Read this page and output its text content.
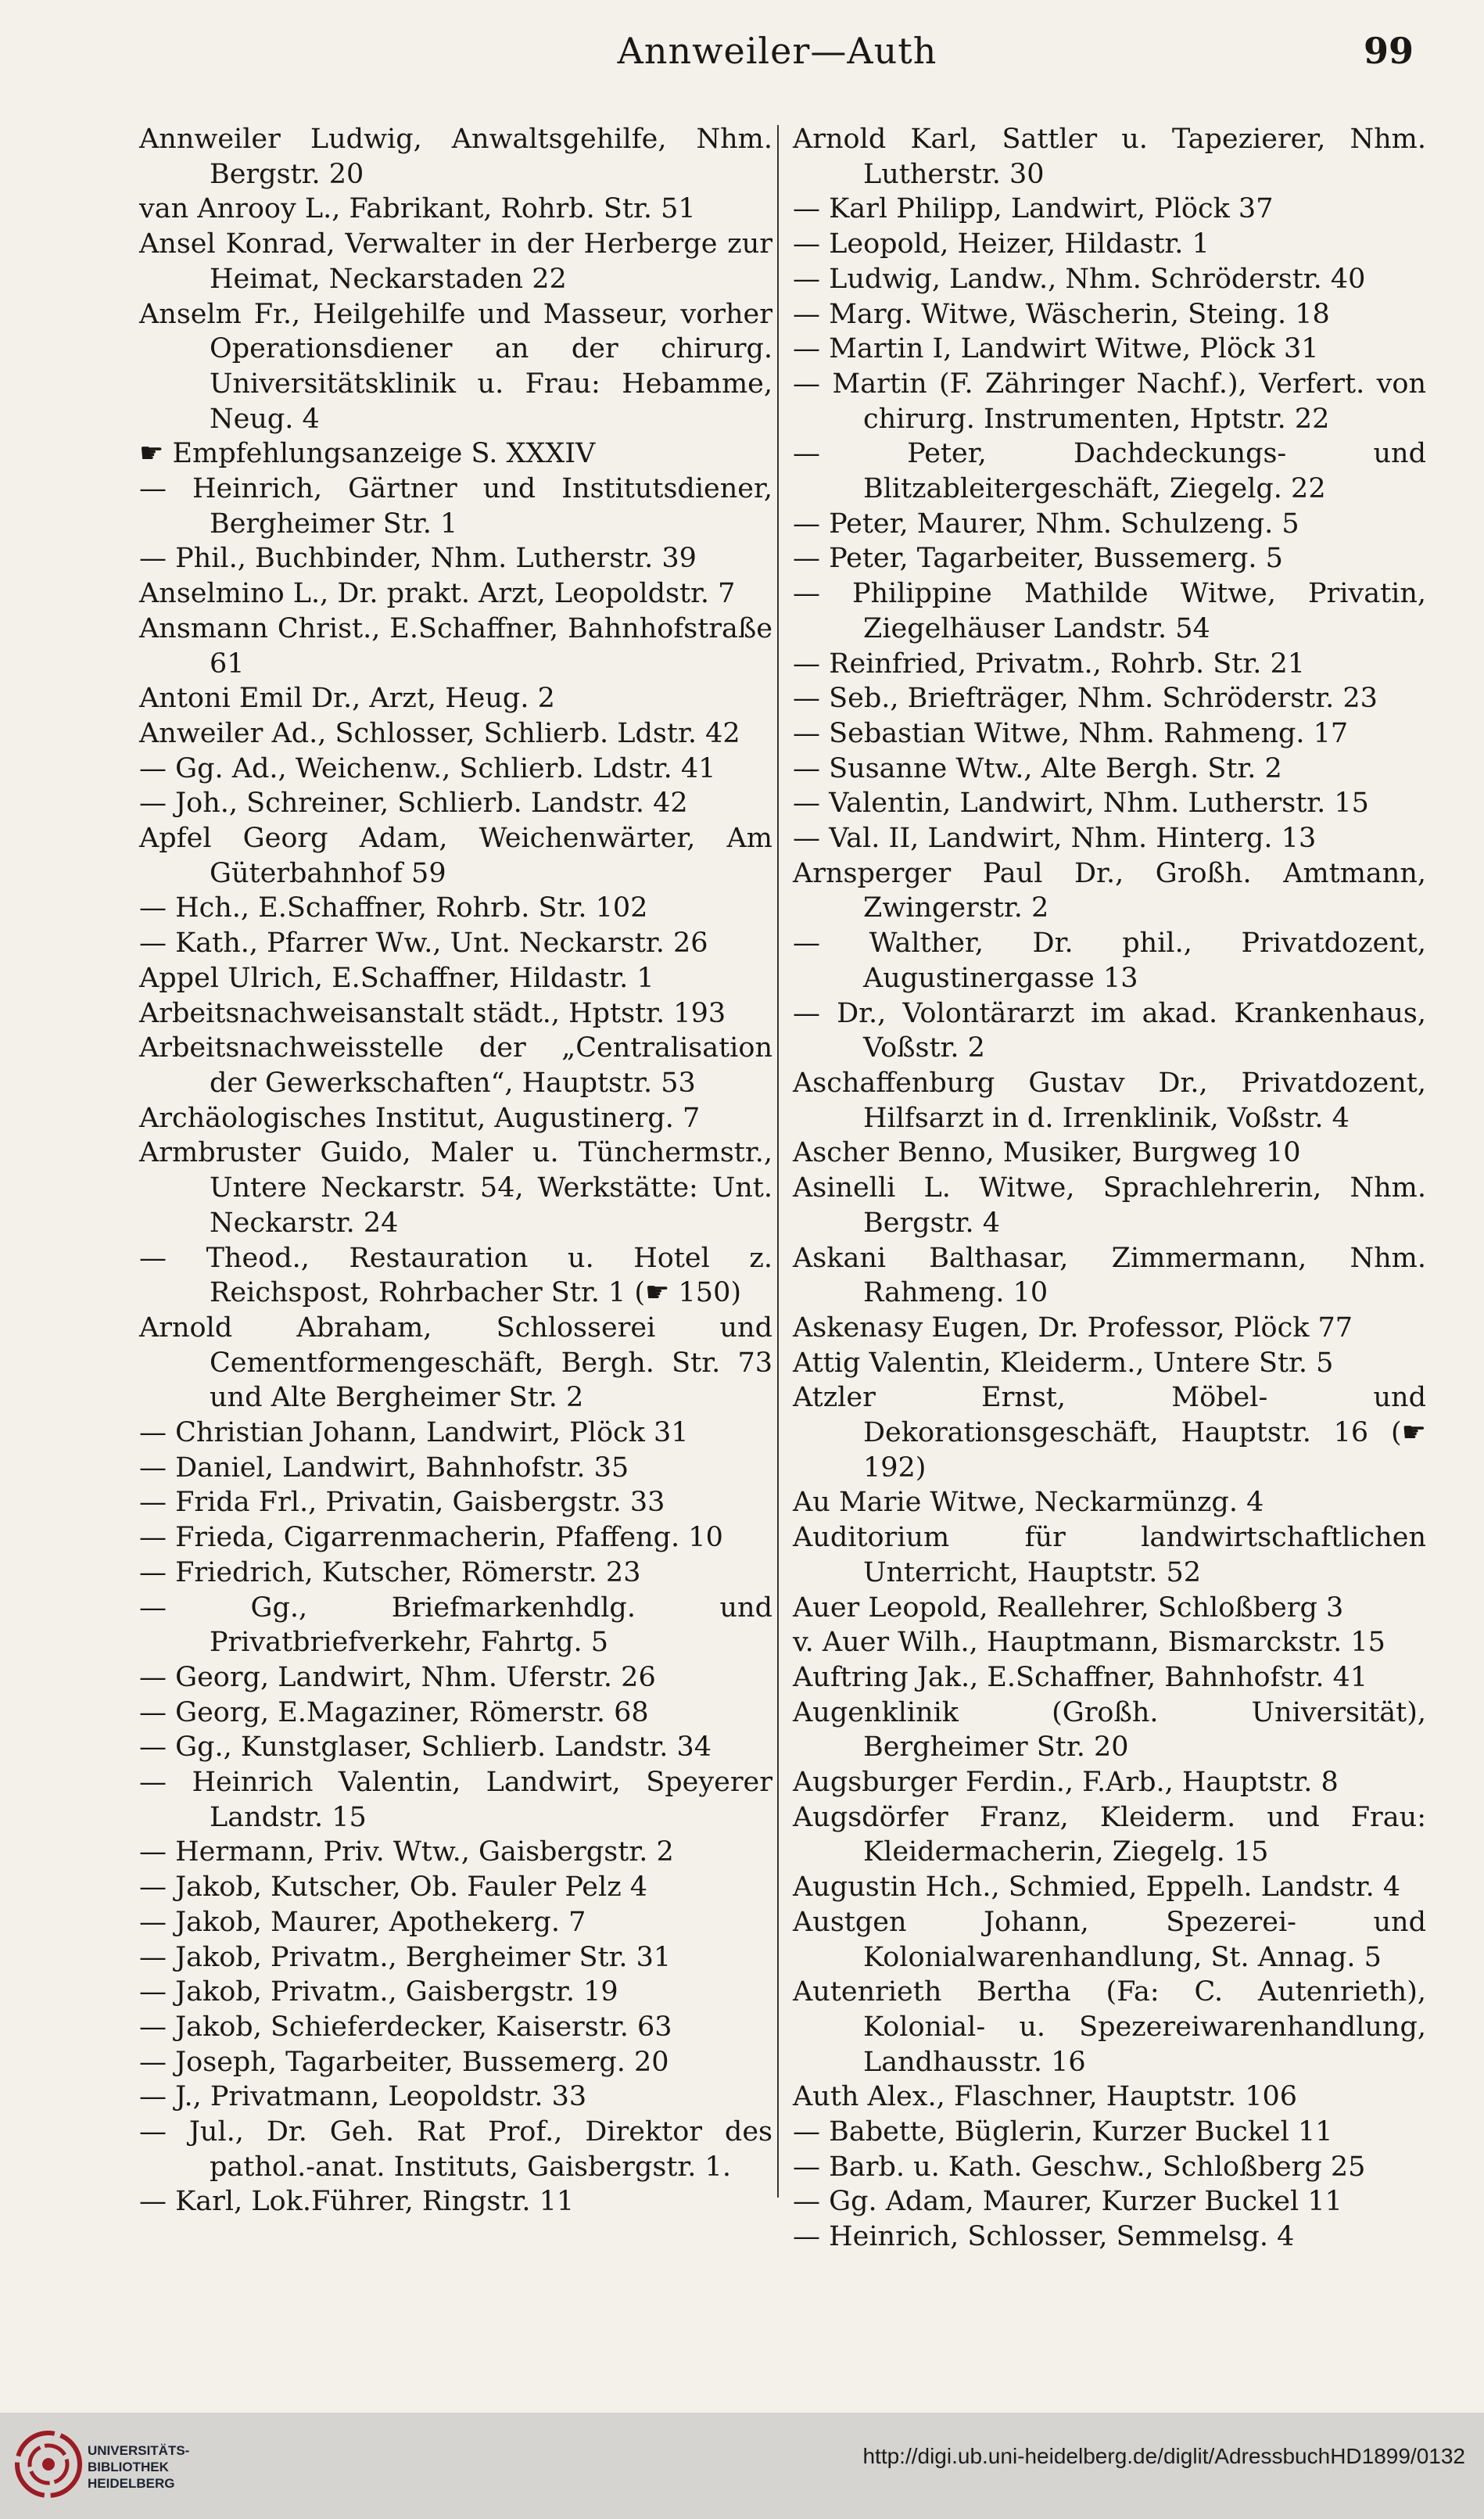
Annweiler—Auth	99
Annweiler Ludwig, Anwaltsgehilfe, Nhm. Bergstr. 20
van Anrooy L., Fabrikant, Rohrb. Str. 51
Ansel Konrad, Verwalter in der Herberge zur Heimat, Neckarstaden 22
Anselm Fr., Heilgehilfe und Masseur, vorher Operationsdiener an der chirurg. Universitätsklinik u. Frau: Hebamme, Neug. 4
☛ Empfehlungsanzeige S. XXXIV
— Heinrich, Gärtner und Institutsdiener, Bergheimer Str. 1
— Phil., Buchbinder, Nhm. Lutherstr. 39
Anselmino L., Dr. prakt. Arzt, Leopoldstr. 7
Ansmann Christ., E.Schaffner, Bahnhofstraße 61
Antoni Emil Dr., Arzt, Heug. 2
Anweiler Ad., Schlosser, Schlierb. Ldstr. 42
— Gg. Ad., Weichenw., Schlierb. Ldstr. 41
— Joh., Schreiner, Schlierb. Landstr. 42
Apfel Georg Adam, Weichenwärter, Am Güterbahnhof 59
— Hch., E.Schaffner, Rohrb. Str. 102
— Kath., Pfarrer Ww., Unt. Neckarstr. 26
Appel Ulrich, E.Schaffner, Hildastr. 1
Arbeitsnachweisanstalt städt., Hptstr. 193
Arbeitsnachweisstelle der „Centralisation der Gewerkschaften“, Hauptstr. 53
Archäologisches Institut, Augustinerg. 7
Armbruster Guido, Maler u. Tünchermstr., Untere Neckarstr. 54, Werkstätte: Unt. Neckarstr. 24
— Theod., Restauration u. Hotel z. Reichspost, Rohrbacher Str. 1 (☛ 150)
Arnold Abraham, Schlosserei und Cementformengeschäft, Bergh. Str. 73 und Alte Bergheimer Str. 2
— Christian Johann, Landwirt, Plöck 31
— Daniel, Landwirt, Bahnhofstr. 35
— Frida Frl., Privatin, Gaisbergstr. 33
— Frieda, Cigarrenmacherin, Pfaffeng. 10
— Friedrich, Kutscher, Römerstr. 23
— Gg., Briefmarkenhdlg. und Privatbriefverkehr, Fahrtg. 5
— Georg, Landwirt, Nhm. Uferstr. 26
— Georg, E.Magaziner, Römerstr. 68
— Gg., Kunstglaser, Schlierb. Landstr. 34
— Heinrich Valentin, Landwirt, Speyerer Landstr. 15
— Hermann, Priv. Wtw., Gaisbergstr. 2
— Jakob, Kutscher, Ob. Fauler Pelz 4
— Jakob, Maurer, Apothekerg. 7
— Jakob, Privatm., Bergheimer Str. 31
— Jakob, Privatm., Gaisbergstr. 19
— Jakob, Schieferdecker, Kaiserstr. 63
— Joseph, Tagarbeiter, Bussemerg. 20
— J., Privatmann, Leopoldstr. 33
— Jul., Dr. Geh. Rat Prof., Direktor des pathol.-anat. Instituts, Gaisbergstr. 1.
— Karl, Lok.Führer, Ringstr. 11
Arnold Karl, Sattler u. Tapezierer, Nhm. Lutherstr. 30
— Karl Philipp, Landwirt, Plöck 37
— Leopold, Heizer, Hildastr. 1
— Ludwig, Landw., Nhm. Schröderstr. 40
— Marg. Witwe, Wäscherin, Steing. 18
— Martin I, Landwirt Witwe, Plöck 31
— Martin (F. Zähringer Nachf.), Verfert. von chirurg. Instrumenten, Hptstr. 22
— Peter, Dachdeckungs- und Blitzableitergeschäft, Ziegelg. 22
— Peter, Maurer, Nhm. Schulzeng. 5
— Peter, Tagarbeiter, Bussemerg. 5
— Philippine Mathilde Witwe, Privatin, Ziegelhäuser Landstr. 54
— Reinfried, Privatm., Rohrb. Str. 21
— Seb., Briefträger, Nhm. Schröderstr. 23
— Sebastian Witwe, Nhm. Rahmeng. 17
— Susanne Wtw., Alte Bergh. Str. 2
— Valentin, Landwirt, Nhm. Lutherstr. 15
— Val. II, Landwirt, Nhm. Hinterg. 13
Arnsperger Paul Dr., Großh. Amtmann, Zwingerstr. 2
— Walther, Dr. phil., Privatdozent, Augustinergasse 13
— Dr., Volontärarzt im akad. Krankenhaus, Voßstr. 2
Aschaffenburg Gustav Dr., Privatdozent, Hilfsarzt in d. Irrenklinik, Voßstr. 4
Ascher Benno, Musiker, Burgweg 10
Asinelli L. Witwe, Sprachlehrerin, Nhm. Bergstr. 4
Askani Balthasar, Zimmermann, Nhm. Rahmeng. 10
Askenasy Eugen, Dr. Professor, Plöck 77
Attig Valentin, Kleiderm., Untere Str. 5
Atzler Ernst, Möbel- und Dekorationsgeschäft, Hauptstr. 16 (☛ 192)
Au Marie Witwe, Neckarmünzg. 4
Auditorium für landwirtschaftlichen Unterricht, Hauptstr. 52
Auer Leopold, Reallehrer, Schloßberg 3
v. Auer Wilh., Hauptmann, Bismarckstr. 15
Auftring Jak., E.Schaffner, Bahnhofstr. 41
Augenklinik (Großh. Universität), Bergheimer Str. 20
Augsburger Ferdin., F.Arb., Hauptstr. 8
Augsdörfer Franz, Kleiderm. und Frau: Kleidermacherin, Ziegelg. 15
Augustin Hch., Schmied, Eppelh. Landstr. 4
Austgen Johann, Spezerei- und Kolonialwarenhandlung, St. Annag. 5
Autenrieth Bertha (Fa: C. Autenrieth), Kolonial- u. Spezereiwarenhandlung, Landhausstr. 16
Auth Alex., Flaschner, Hauptstr. 106
— Babette, Büglerin, Kurzer Buckel 11
— Barb. u. Kath. Geschw., Schloßberg 25
— Gg. Adam, Maurer, Kurzer Buckel 11
— Heinrich, Schlosser, Semmelsg. 4
UNIVERSITÄTS-
BIBLIOTHEK
HEIDELBERG
http://digi.ub.uni-heidelberg.de/diglit/AdressbuchHD1899/0132
